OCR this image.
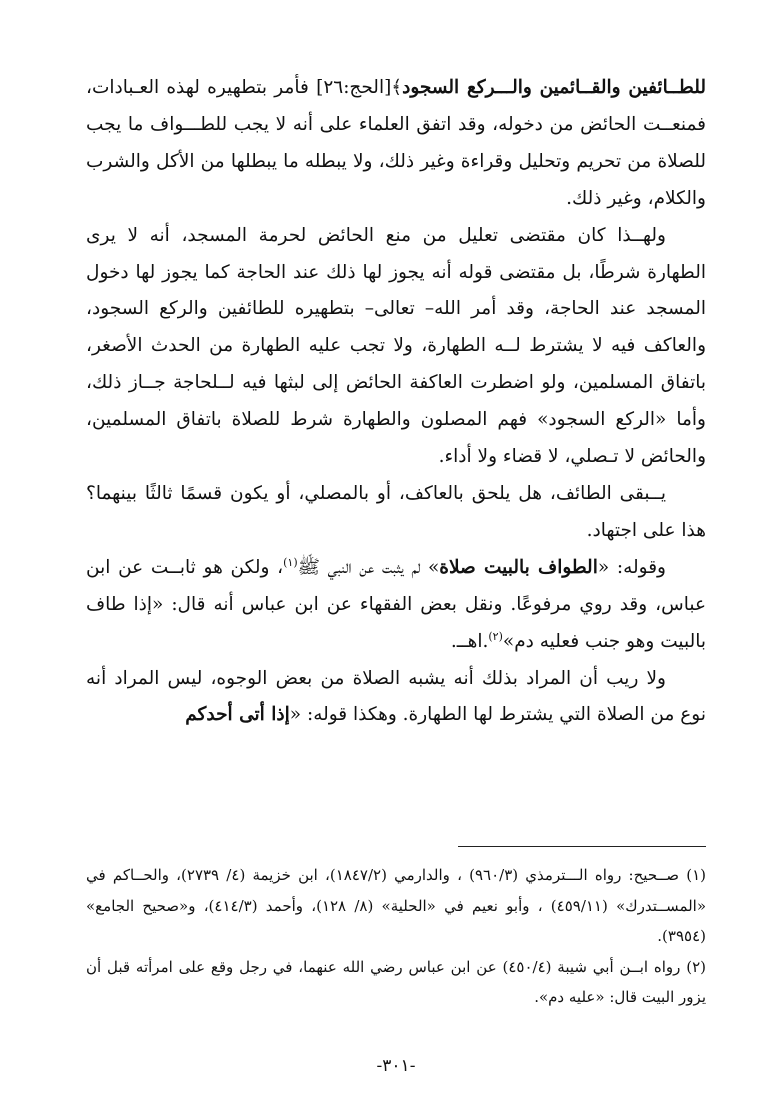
للطــائفين والقــائمين والـــركع السجود﴾[الحج:٢٦] فأمر بتطهيره لهذه العـبادات، فمنعــت الحائض من دخوله، وقد اتفق العلماء على أنه لا يجب للطـــواف ما يجب للصلاة من تحريم وتحليل وقراءة وغير ذلك، ولا يبطله ما يبطلها من الأكل والشرب والكلام، وغير ذلك.

ولهــذا كان مقتضى تعليل من منع الحائض لحرمة المسجد، أنه لا يرى الطهارة شرطًا، بل مقتضى قوله أنه يجوز لها ذلك عند الحاجة كما يجوز لها دخول المسجد عند الحاجة، وقد أمر الله– تعالى– بتطهيره للطائفين والركع السجود، والعاكف فيه لا يشترط لــه الطهارة، ولا تجب عليه الطهارة من الحدث الأصغر، باتفاق المسلمين، ولو اضطرت العاكفة الحائض إلى لبثها فيه لــلحاجة جــاز ذلك، وأما «الركع السجود» فهم المصلون والطهارة شرط للصلاة باتفاق المسلمين، والحائض لا تـصلي، لا قضاء ولا أداء.

يــبقى الطائف، هل يلحق بالعاكف، أو بالمصلي، أو يكون قسمًا ثالثًا بينهما؟ هذا على اجتهاد.

وقوله: «الطواف بالبيت صلاة» لم يثبت عن النبي ﷺ$^{(١)}$، ولكن هو ثابــت عن ابن عباس، وقد روي مرفوعًا. ونقل بعض الفقهاء عن ابن عباس أنه قال: «إذا طاف بالبيت وهو جنب فعليه دم»$^{(٢)}$.اهــ.

ولا ريب أن المراد بذلك أنه يشبه الصلاة من بعض الوجوه، ليس المراد أنه نوع من الصلاة التي يشترط لها الطهارة. وهكذا قوله: «إذا أتى أحدكم

(١) صــحيح: رواه الـــترمذي (٩٦٠/٣) ، والدارمي (١٨٤٧/٢)، ابن خزيمة (٤/ ٢٧٣٩)، والحــاكم في «المســتدرك» (٤٥٩/١١) ، وأبو نعيم في «الحلية» (٨/ ١٢٨)، وأحمد (٤١٤/٣)، و«صحيح الجامع» (٣٩٥٤).

(٢) رواه ابــن أبي شيبة (٤٥٠/٤) عن ابن عباس رضي الله عنهما، في رجل وقع على امرأته قبل أن يزور البيت قال: «عليه دم».

-٣٠١-
